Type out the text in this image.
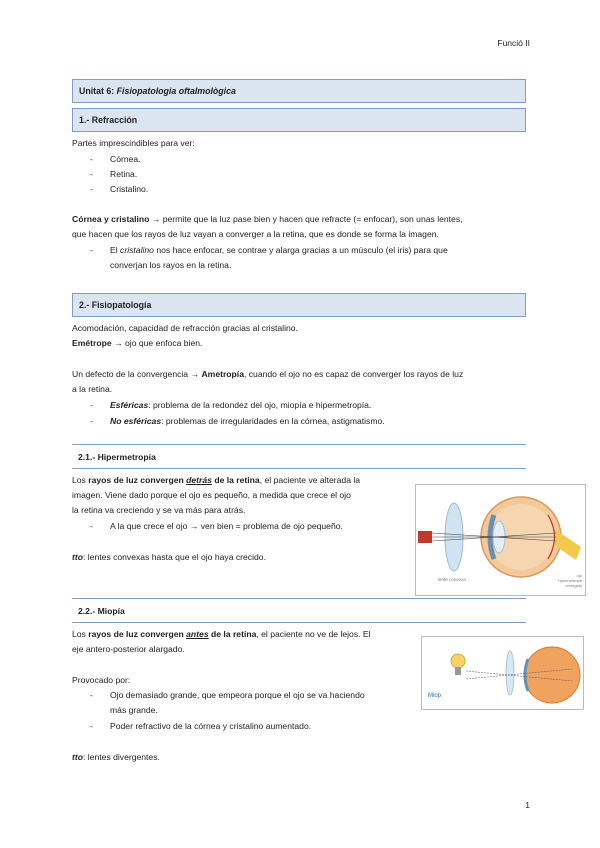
Funció II
Unitat 6: Fisiopatologia oftalmològica
1.- Refracción
Partes imprescindibles para ver:
- Córnea.
- Retina.
- Cristalino.
Córnea y cristalino → permite que la luz pase bien y hacen que refracte (= enfocar), son unas lentes,
que hacen que los rayos de luz vayan a converger a la retina, que es donde se forma la imagen.
- El cristalino nos hace enfocar, se contrae y alarga gracias a un músculo (el iris) para que
converjan los rayos en la retina.
2.- Fisiopatología
Acomodación, capacidad de refracción gracias al cristalino.
Emétrope → ojo que enfoca bien.
Un defecto de la convergencia → Ametropía, cuando el ojo no es capaz de converger los rayos de luz
a la retina.
- Esféricas: problema de la redondez del ojo, miopía e hipermetropía.
- No esféricas: problemas de irregularidades en la córnea, astigmatismo.
2.1.- Hipermetropía
Los rayos de luz convergen detrás de la retina, el paciente ve alterada la
imagen. Viene dado porque el ojo es pequeño, a medida que crece el ojo
la retina va creciendo y se va más para atrás.
- A la que crece el ojo → ven bien = problema de ojo pequeño.
tto: lentes convexas hasta que el ojo haya crecido.
lente convexa
ojo hipermetrope corregido
2.2.- Miopía
Los rayos de luz convergen antes de la retina, el paciente no ve de lejos. El
eje antero-posterior alargado.
Provocado por:
- Ojo demasiado grande, que empeora porque el ojo se va haciendo
más grande.
- Poder refractivo de la córnea y cristalino aumentado.
tto: lentes divergentes.
Miop
1
